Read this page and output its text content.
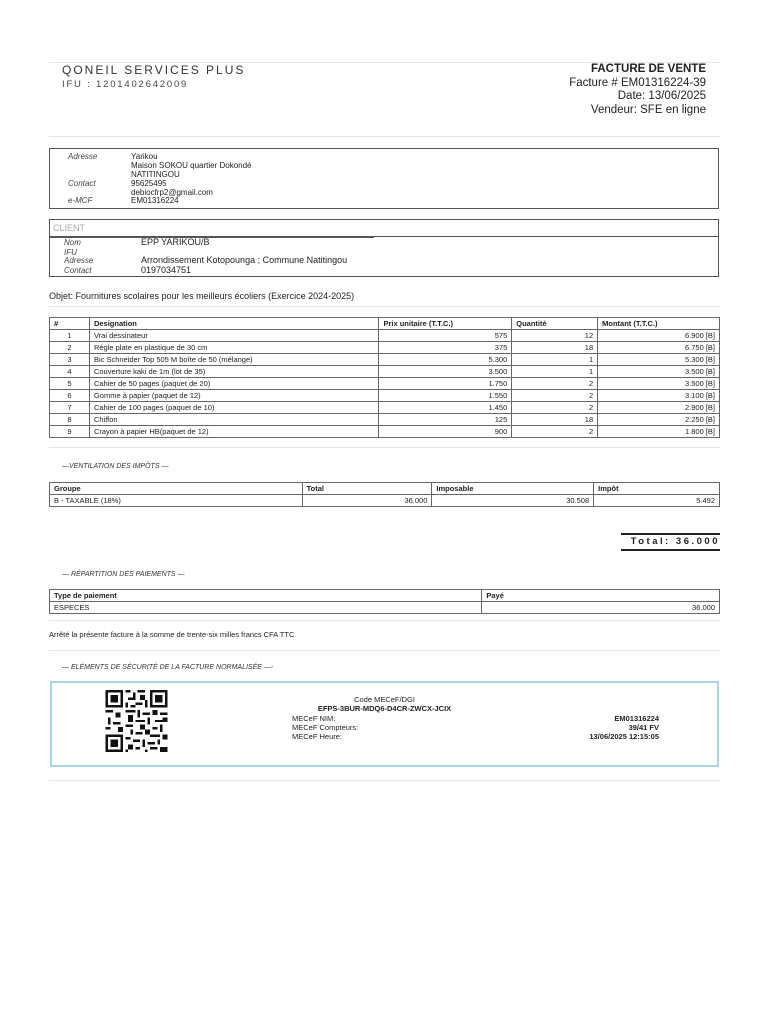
QONEIL SERVICES PLUS
IFU : 1201402642009
FACTURE DE VENTE
Facture # EM01316224-39
Date: 13/06/2025
Vendeur: SFE en ligne
Adresse	Yarikou
Maison SOKOU quartier Dokondé
NATITINGOU
Contact	95625495
debiocfrp2@gmail.com
e-MCF	EM01316224
CLIENT
Nom	EPP YARIKOU/B
IFU
Adresse	Arrondissement Kotopounga ; Commune Natitingou
Contact	0197034751
Objet: Fournitures scolaires pour les meilleurs écoliers (Exercice 2024-2025)
#	Designation	Prix unitaire (T.T.C.)	Quantité	Montant (T.T.C.)
1	Vrai dessinateur	575	12	6.900 [B]
2	Règle plate en plastique de 30 cm	375	18	6.750 [B]
3	Bic Schneider Top 505 M boîte de 50 (mélange)	5.300	1	5.300 [B]
4	Couverture kaki de 1m (lot de 35)	3.500	1	3.500 [B]
5	Cahier de 50 pages (paquet de 20)	1.750	2	3.500 [B]
6	Gomme à papier (paquet de 12)	1.550	2	3.100 [B]
7	Cahier de 100 pages (paquet de 10)	1.450	2	2.900 [B]
8	Chiffon	125	18	2.250 [B]
9	Crayon à papier HB(paquet de 12)	900	2	1.800 [B]
—VENTILATION DES IMPÔTS —
Groupe	Total	Imposable	Impôt
B - TAXABLE (18%)	36.000	30.508	5.492
Total: 36.000
— RÉPARTITION DES PAIEMENTS —
Type de paiement	Payé
ESPECES	36.000
Arrêté la présente facture à la somme de trente-six milles francs CFA TTC
— ELÉMENTS DE SÉCURITÉ DE LA FACTURE NORMALISÉE —-
Code MECeF/DGI
EFPS-3BUR-MDQ6-D4CR-ZWCX-JCIX
MECeF NIM:	EM01316224
MECeF Compteurs:	39/41 FV
MECeF Heure:	13/06/2025 12:15:05
